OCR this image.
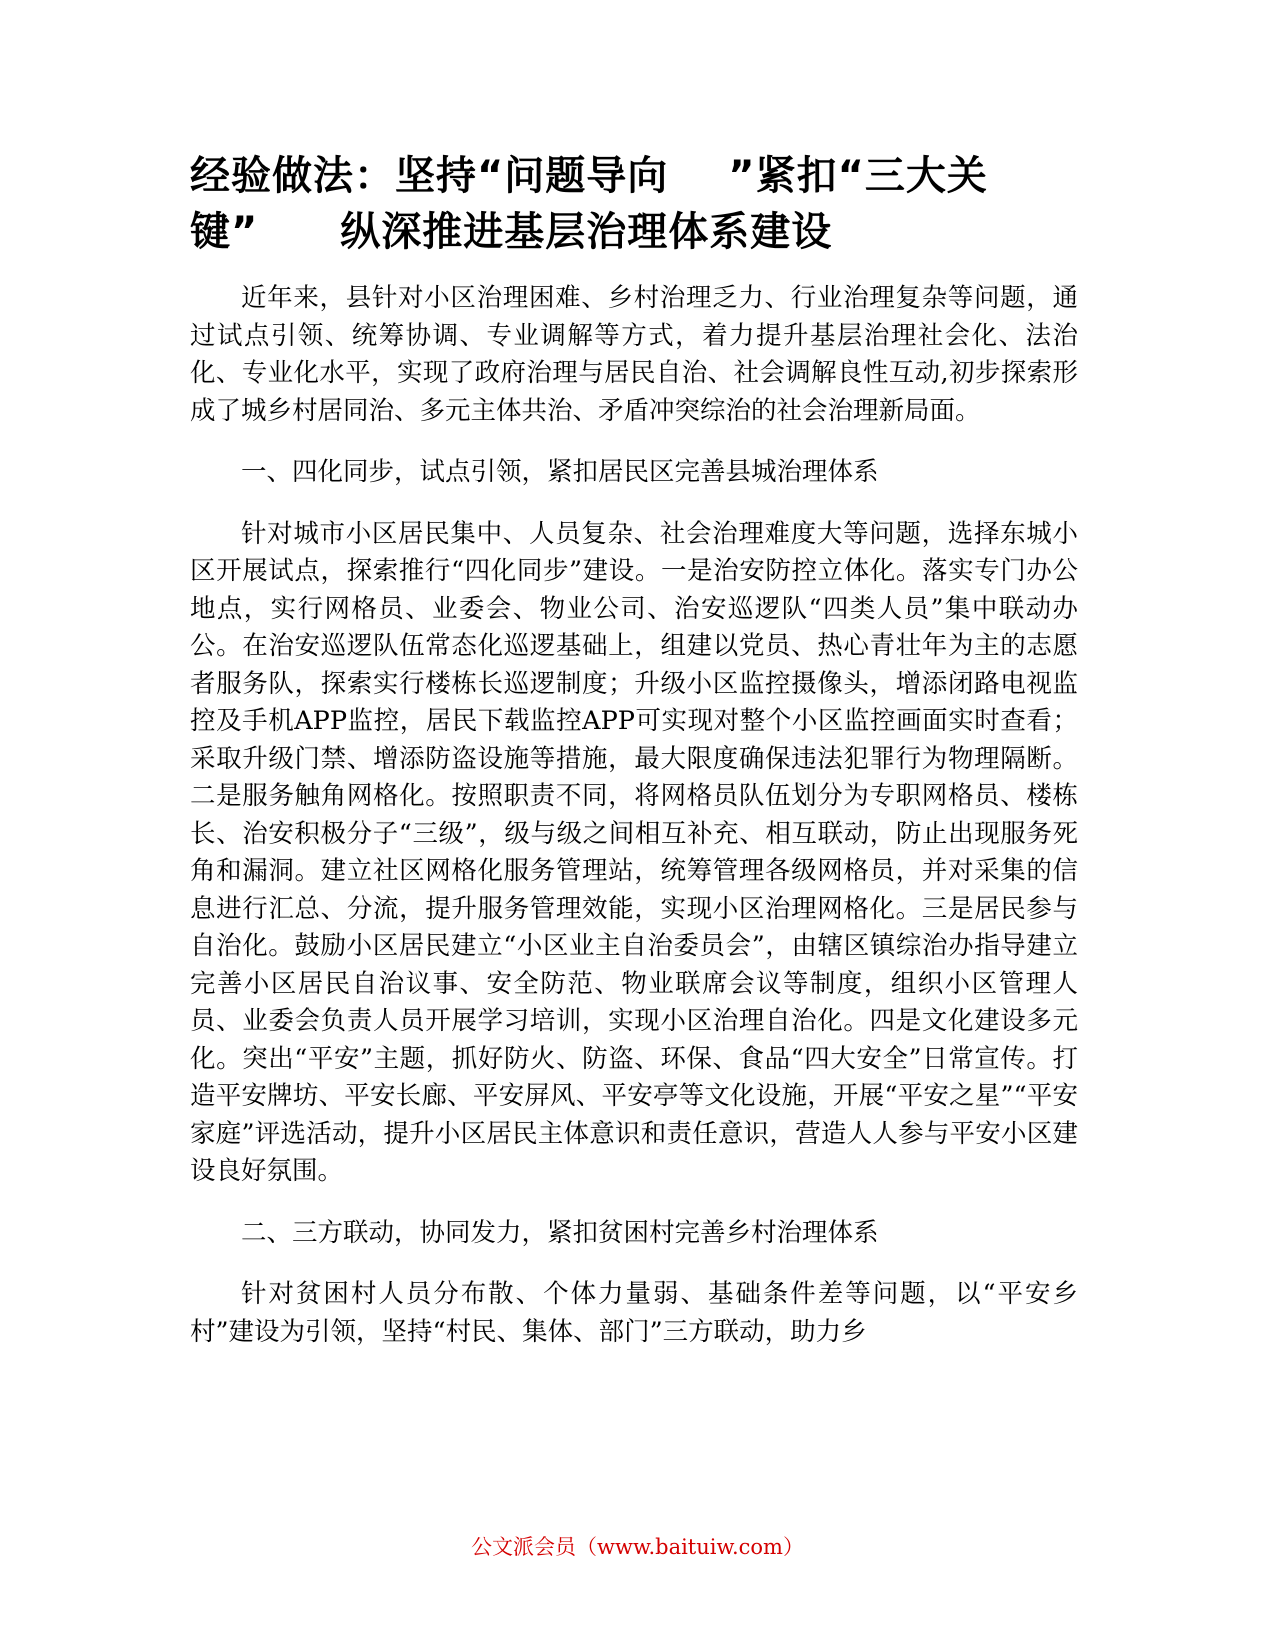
经验做法：坚持“问题导向 ”紧扣“三大关
键” 纵深推进基层治理体系建设

近年来，县针对小区治理困难、乡村治理乏力、行业治理复杂等问题，通过试点引领、统筹协调、专业调解等方式，着力提升基层治理社会化、法治化、专业化水平，实现了政府治理与居民自治、社会调解良性互动,初步探索形成了城乡村居同治、多元主体共治、矛盾冲突综治的社会治理新局面。

一、四化同步，试点引领，紧扣居民区完善县城治理体系

针对城市小区居民集中、人员复杂、社会治理难度大等问题，选择东城小区开展试点，探索推行“四化同步”建设。一是治安防控立体化。落实专门办公地点，实行网格员、业委会、物业公司、治安巡逻队“四类人员”集中联动办公。在治安巡逻队伍常态化巡逻基础上，组建以党员、热心青壮年为主的志愿者服务队，探索实行楼栋长巡逻制度；升级小区监控摄像头，增添闭路电视监控及手机APP监控，居民下载监控APP可实现对整个小区监控画面实时查看；采取升级门禁、增添防盗设施等措施，最大限度确保违法犯罪行为物理隔断。二是服务触角网格化。按照职责不同，将网格员队伍划分为专职网格员、楼栋长、治安积极分子“三级”，级与级之间相互补充、相互联动，防止出现服务死角和漏洞。建立社区网格化服务管理站，统筹管理各级网格员，并对采集的信息进行汇总、分流，提升服务管理效能，实现小区治理网格化。三是居民参与自治化。鼓励小区居民建立“小区业主自治委员会”，由辖区镇综治办指导建立完善小区居民自治议事、安全防范、物业联席会议等制度，组织小区管理人员、业委会负责人员开展学习培训，实现小区治理自治化。四是文化建设多元化。突出“平安”主题，抓好防火、防盗、环保、食品“四大安全”日常宣传。打造平安牌坊、平安长廊、平安屏风、平安亭等文化设施，开展“平安之星”“平安家庭”评选活动，提升小区居民主体意识和责任意识，营造人人参与平安小区建设良好氛围。

二、三方联动，协同发力，紧扣贫困村完善乡村治理体系

针对贫困村人员分布散、个体力量弱、基础条件差等问题，以“平安乡村”建设为引领，坚持“村民、集体、部门”三方联动，助力乡

公文派会员（www.baituiw.com）
